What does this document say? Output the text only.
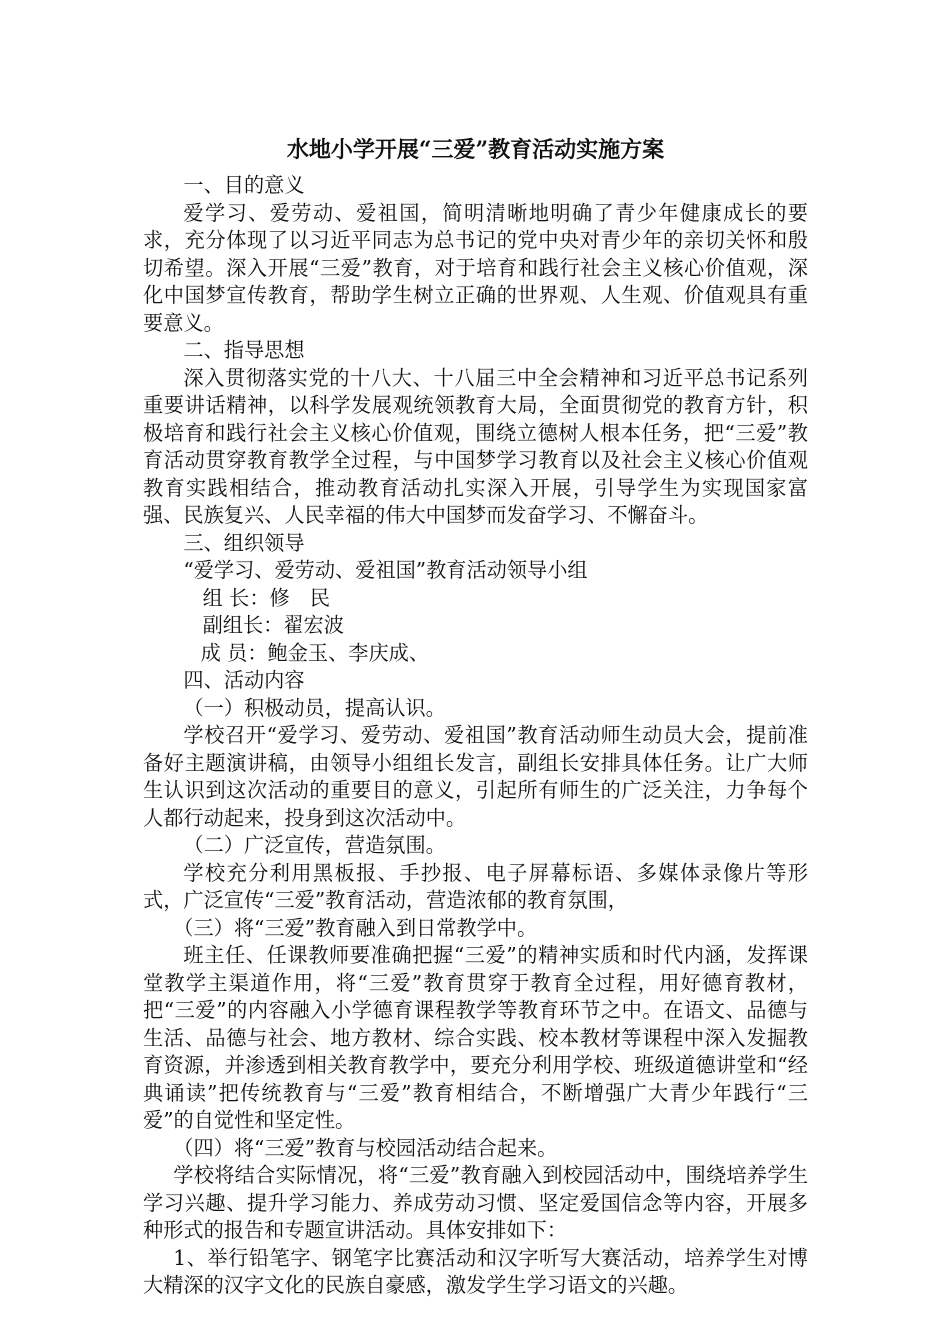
水地小学开展“三爱”教育活动实施方案

一、目的意义

爱学习、爱劳动、爱祖国，简明清晰地明确了青少年健康成长的要求，充分体现了以习近平同志为总书记的党中央对青少年的亲切关怀和殷切希望。深入开展“三爱”教育，对于培育和践行社会主义核心价值观，深化中国梦宣传教育，帮助学生树立正确的世界观、人生观、价值观具有重要意义。

二、指导思想

深入贯彻落实党的十八大、十八届三中全会精神和习近平总书记系列重要讲话精神，以科学发展观统领教育大局，全面贯彻党的教育方针，积极培育和践行社会主义核心价值观，围绕立德树人根本任务，把“三爱”教育活动贯穿教育教学全过程，与中国梦学习教育以及社会主义核心价值观教育实践相结合，推动教育活动扎实深入开展，引导学生为实现国家富强、民族复兴、人民幸福的伟大中国梦而发奋学习、不懈奋斗。

三、组织领导

“爱学习、爱劳动、爱祖国”教育活动领导小组

组 长：修　民

副组长：翟宏波

成 员：鲍金玉、李庆成、

四、活动内容

（一）积极动员，提高认识。

学校召开“爱学习、爱劳动、爱祖国”教育活动师生动员大会，提前准备好主题演讲稿，由领导小组组长发言，副组长安排具体任务。让广大师生认识到这次活动的重要目的意义，引起所有师生的广泛关注，力争每个人都行动起来，投身到这次活动中。

（二）广泛宣传，营造氛围。

学校充分利用黑板报、手抄报、电子屏幕标语、多媒体录像片等形式，广泛宣传“三爱”教育活动，营造浓郁的教育氛围，

（三）将“三爱”教育融入到日常教学中。

班主任、任课教师要准确把握“三爱”的精神实质和时代内涵，发挥课堂教学主渠道作用，将“三爱”教育贯穿于教育全过程，用好德育教材，把“三爱”的内容融入小学德育课程教学等教育环节之中。在语文、品德与生活、品德与社会、地方教材、综合实践、校本教材等课程中深入发掘教育资源，并渗透到相关教育教学中，要充分利用学校、班级道德讲堂和“经典诵读”把传统教育与“三爱”教育相结合，不断增强广大青少年践行“三爱”的自觉性和坚定性。

（四）将“三爱”教育与校园活动结合起来。

学校将结合实际情况，将“三爱”教育融入到校园活动中，围绕培养学生学习兴趣、提升学习能力、养成劳动习惯、坚定爱国信念等内容，开展多种形式的报告和专题宣讲活动。具体安排如下：

1、举行铅笔字、钢笔字比赛活动和汉字听写大赛活动，培养学生对博大精深的汉字文化的民族自豪感，激发学生学习语文的兴趣。
